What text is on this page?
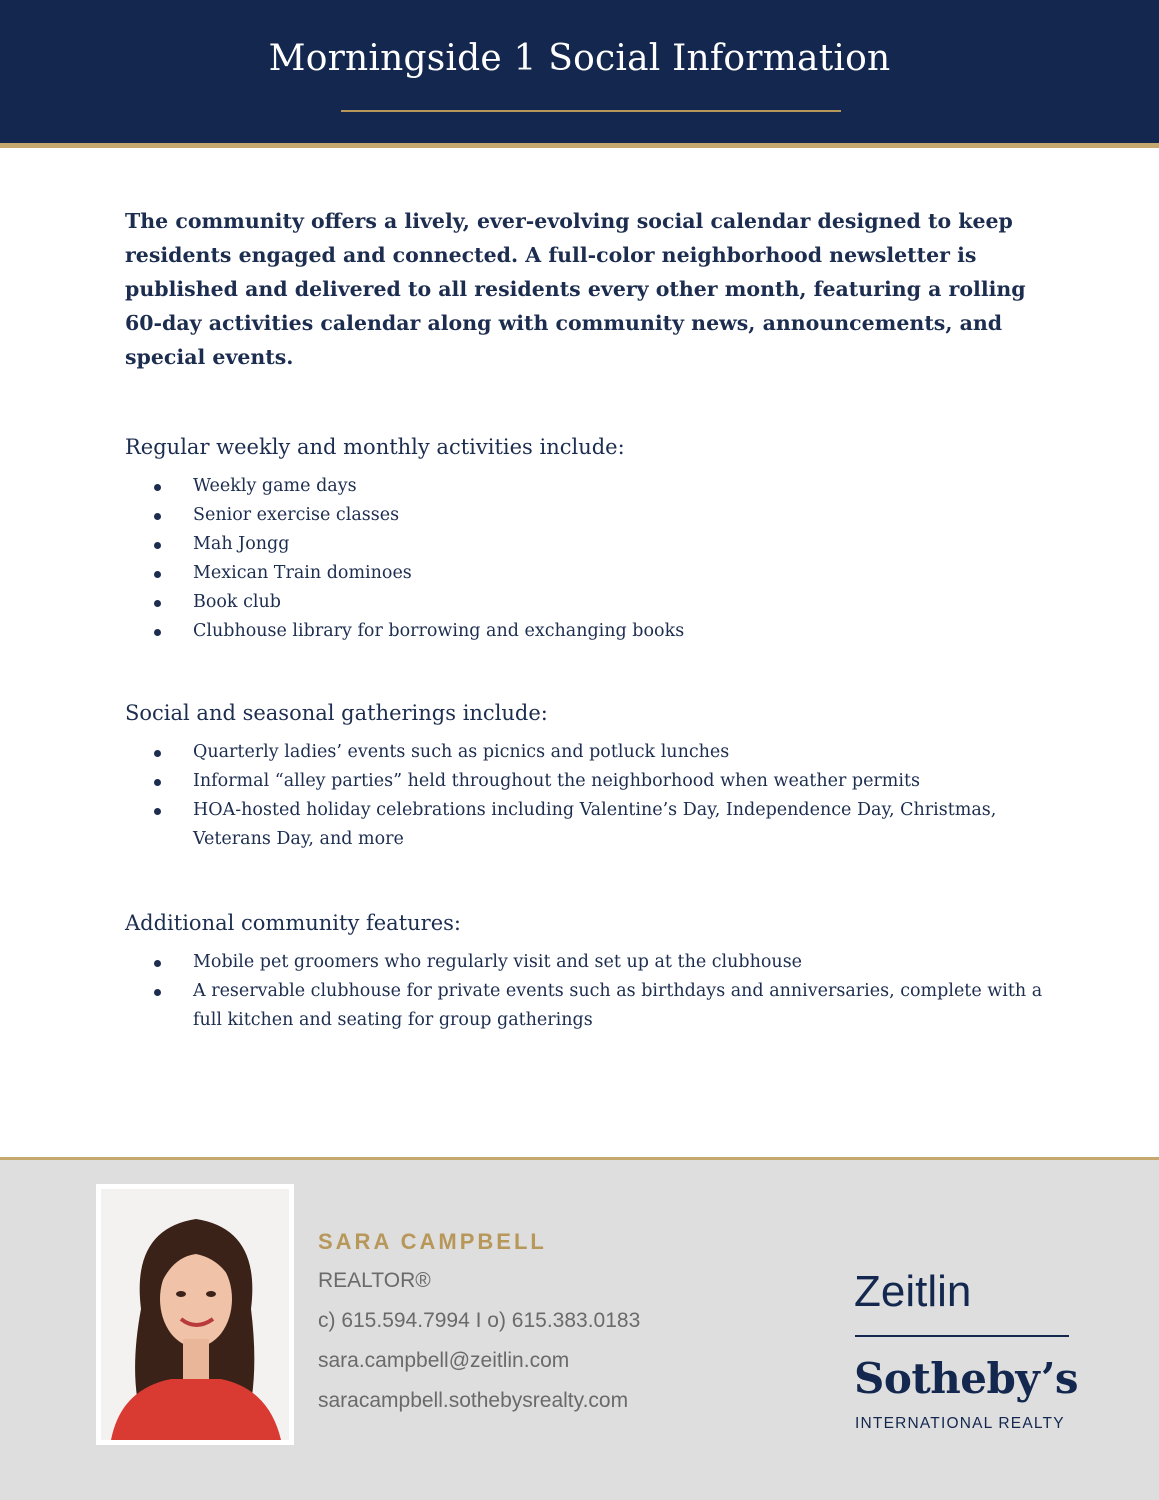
Morningside 1 Social Information

The community offers a lively, ever-evolving social calendar designed to keep residents engaged and connected. A full-color neighborhood newsletter is published and delivered to all residents every other month, featuring a rolling 60-day activities calendar along with community news, announcements, and special events.

Regular weekly and monthly activities include:
Weekly game days
Senior exercise classes
Mah Jongg
Mexican Train dominoes
Book club
Clubhouse library for borrowing and exchanging books
Social and seasonal gatherings include:
Quarterly ladies’ events such as picnics and potluck lunches
Informal “alley parties” held throughout the neighborhood when weather permits
HOA-hosted holiday celebrations including Valentine’s Day, Independence Day, Christmas, Veterans Day, and more
Additional community features:
Mobile pet groomers who regularly visit and set up at the clubhouse
A reservable clubhouse for private events such as birthdays and anniversaries, complete with a full kitchen and seating for group gatherings
SARA CAMPBELL
REALTOR®
c) 615.594.7994 I o) 615.383.0183
sara.campbell@zeitlin.com
saracampbell.sothebysrealty.com
Zeitlin
Sotheby’s
INTERNATIONAL REALTY
